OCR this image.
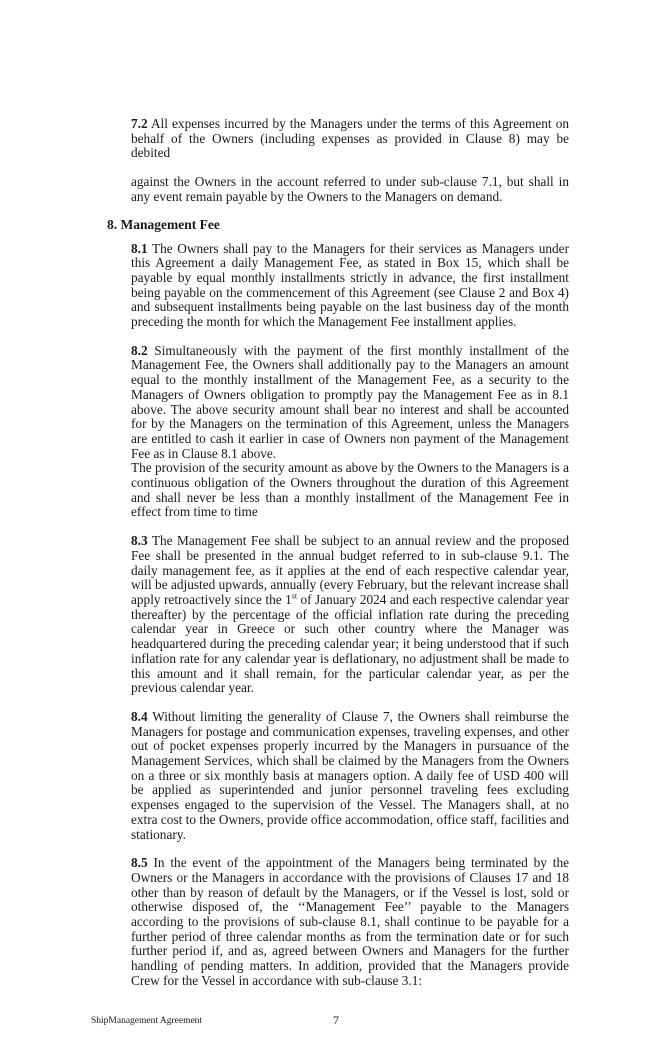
7.2 All expenses incurred by the Managers under the terms of this Agreement on behalf of the Owners (including expenses as provided in Clause 8) may be debited
against the Owners in the account referred to under sub-clause 7.1, but shall in any event remain payable by the Owners to the Managers on demand.
8. Management Fee
8.1 The Owners shall pay to the Managers for their services as Managers under this Agreement a daily Management Fee, as stated in Box 15, which shall be payable by equal monthly installments strictly in advance, the first installment being payable on the commencement of this Agreement (see Clause 2 and Box 4) and subsequent installments being payable on the last business day of the month preceding the month for which the Management Fee installment applies.
8.2 Simultaneously with the payment of the first monthly installment of the Management Fee, the Owners shall additionally pay to the Managers an amount equal to the monthly installment of the Management Fee, as a security to the Managers of Owners obligation to promptly pay the Management Fee as in 8.1 above. The above security amount shall bear no interest and shall be accounted for by the Managers on the termination of this Agreement, unless the Managers are entitled to cash it earlier in case of Owners non payment of the Management Fee as in Clause 8.1 above.
The provision of the security amount as above by the Owners to the Managers is a continuous obligation of the Owners throughout the duration of this Agreement and shall never be less than a monthly installment of the Management Fee in effect from time to time
8.3 The Management Fee shall be subject to an annual review and the proposed Fee shall be presented in the annual budget referred to in sub-clause 9.1. The daily management fee, as it applies at the end of each respective calendar year, will be adjusted upwards, annually (every February, but the relevant increase shall apply retroactively since the 1st of January 2024 and each respective calendar year thereafter) by the percentage of the official inflation rate during the preceding calendar year in Greece or such other country where the Manager was headquartered during the preceding calendar year; it being understood that if such inflation rate for any calendar year is deflationary, no adjustment shall be made to this amount and it shall remain, for the particular calendar year, as per the previous calendar year.
8.4 Without limiting the generality of Clause 7, the Owners shall reimburse the Managers for postage and communication expenses, traveling expenses, and other out of pocket expenses properly incurred by the Managers in pursuance of the Management Services, which shall be claimed by the Managers from the Owners on a three or six monthly basis at managers option. A daily fee of USD 400 will be applied as superintended and junior personnel traveling fees excluding expenses engaged to the supervision of the Vessel. The Managers shall, at no extra cost to the Owners, provide office accommodation, office staff, facilities and stationary.
8.5 In the event of the appointment of the Managers being terminated by the Owners or the Managers in accordance with the provisions of Clauses 17 and 18 other than by reason of default by the Managers, or if the Vessel is lost, sold or otherwise disposed of, the ‘‘Management Fee’’ payable to the Managers according to the provisions of sub-clause 8.1, shall continue to be payable for a further period of three calendar months as from the termination date or for such further period if, and as, agreed between Owners and Managers for the further handling of pending matters. In addition, provided that the Managers provide Crew for the Vessel in accordance with sub-clause 3.1:
ShipManagement Agreement	7
